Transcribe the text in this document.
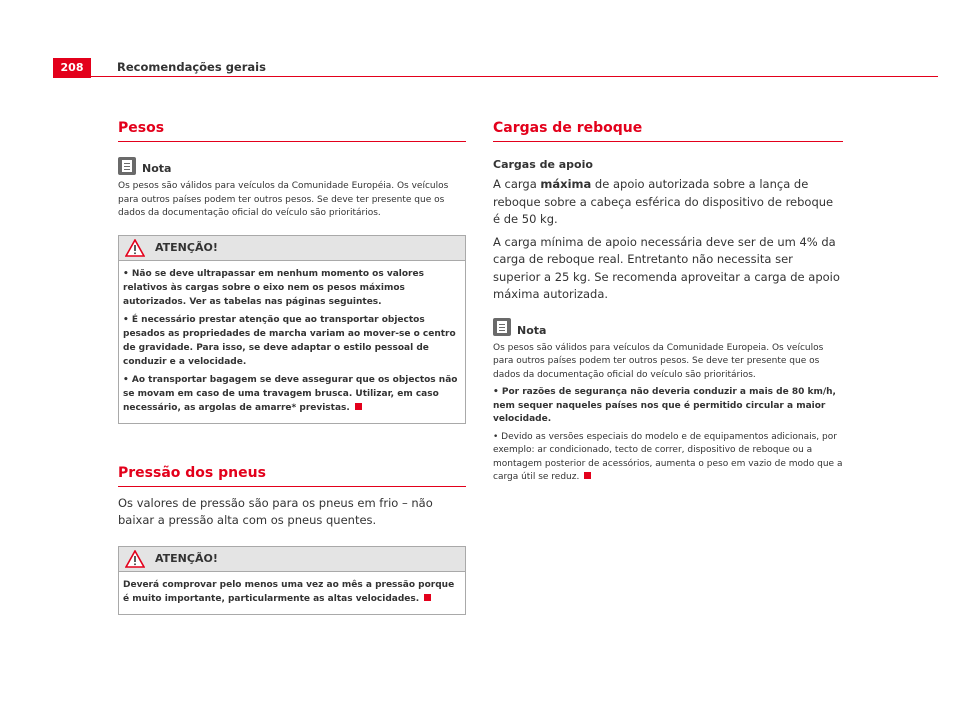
208	Recomendações gerais
Pesos
Nota

Os pesos são válidos para veículos da Comunidade Européia. Os veículos para outros países podem ter outros pesos. Se deve ter presente que os dados da documentação oficial do veículo são prioritários.

ATENÇÃO!

• Não se deve ultrapassar em nenhum momento os valores relativos às cargas sobre o eixo nem os pesos máximos autorizados. Ver as tabelas nas páginas seguintes.

• É necessário prestar atenção que ao transportar objectos pesados as propriedades de marcha variam ao mover-se o centro de gravidade. Para isso, se deve adaptar o estilo pessoal de conduzir e a velocidade.

• Ao transportar bagagem se deve assegurar que os objectos não se movam em caso de uma travagem brusca. Utilizar, em caso necessário, as argolas de amarre* previstas.

Pressão dos pneus

Os valores de pressão são para os pneus em frio – não baixar a pressão alta com os pneus quentes.

ATENÇÃO!

Deverá comprovar pelo menos uma vez ao mês a pressão porque é muito importante, particularmente as altas velocidades.

Cargas de reboque
Cargas de apoio

A carga máxima de apoio autorizada sobre a lança de reboque sobre a cabeça esférica do dispositivo de reboque é de 50 kg.

A carga mínima de apoio necessária deve ser de um 4% da carga de reboque real. Entretanto não necessita ser superior a 25 kg. Se recomenda aproveitar a carga de apoio máxima autorizada.

Nota

Os pesos são válidos para veículos da Comunidade Europeia. Os veículos para outros países podem ter outros pesos. Se deve ter presente que os dados da documentação oficial do veículo são prioritários.

• Por razões de segurança não deveria conduzir a mais de 80 km/h, nem sequer naqueles países nos que é permitido circular a maior velocidade.

• Devido as versões especiais do modelo e de equipamentos adicionais, por exemplo: ar condicionado, tecto de correr, dispositivo de reboque ou a montagem posterior de acessórios, aumenta o peso em vazio de modo que a carga útil se reduz.
